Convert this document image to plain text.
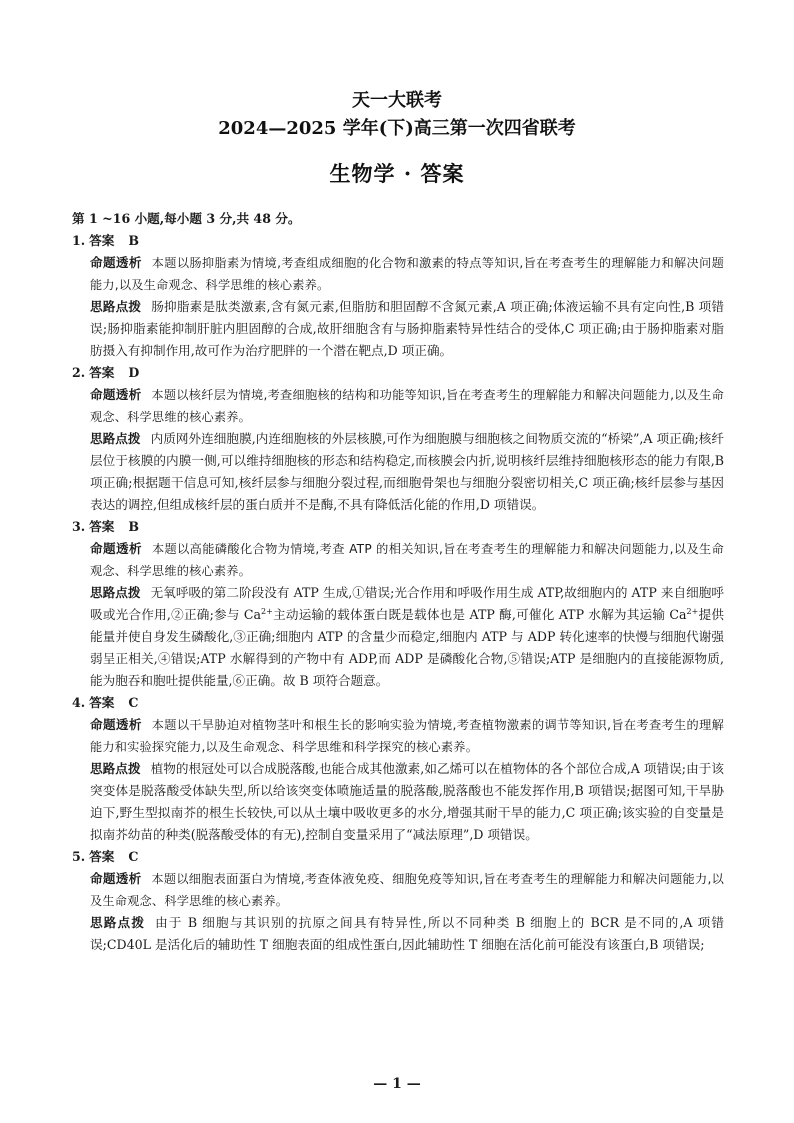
天一大联考
2024—2025 学年(下)高三第一次四省联考
生物学 · 答案
第 1 ~16 小题,每小题 3 分,共 48 分。
1. 答案 B

命题透析 本题以肠抑脂素为情境,考查组成细胞的化合物和激素的特点等知识,旨在考查考生的理解能力和解决问题能力,以及生命观念、科学思维的核心素养。

思路点拨 肠抑脂素是肽类激素,含有氮元素,但脂肪和胆固醇不含氮元素,A 项正确;体液运输不具有定向性,B 项错误;肠抑脂素能抑制肝脏内胆固醇的合成,故肝细胞含有与肠抑脂素特异性结合的受体,C 项正确;由于肠抑脂素对脂肪摄入有抑制作用,故可作为治疗肥胖的一个潜在靶点,D 项正确。

2. 答案 D

命题透析 本题以核纤层为情境,考查细胞核的结构和功能等知识,旨在考查考生的理解能力和解决问题能力,以及生命观念、科学思维的核心素养。

思路点拨 内质网外连细胞膜,内连细胞核的外层核膜,可作为细胞膜与细胞核之间物质交流的“桥梁”,A 项正确;核纤层位于核膜的内膜一侧,可以维持细胞核的形态和结构稳定,而核膜会内折,说明核纤层维持细胞核形态的能力有限,B 项正确;根据题干信息可知,核纤层参与细胞分裂过程,而细胞骨架也与细胞分裂密切相关,C 项正确;核纤层参与基因表达的调控,但组成核纤层的蛋白质并不是酶,不具有降低活化能的作用,D 项错误。

3. 答案 B

命题透析 本题以高能磷酸化合物为情境,考查 ATP 的相关知识,旨在考查考生的理解能力和解决问题能力,以及生命观念、科学思维的核心素养。

思路点拨 无氧呼吸的第二阶段没有 ATP 生成,①错误;光合作用和呼吸作用生成 ATP,故细胞内的 ATP 来自细胞呼吸或光合作用,②正确;参与 $Ca^{2+}$主动运输的载体蛋白既是载体也是 ATP 酶,可催化 ATP 水解为其运输 $Ca^{2+}$提供能量并使自身发生磷酸化,③正确;细胞内 ATP 的含量少而稳定,细胞内 ATP 与 ADP 转化速率的快慢与细胞代谢强弱呈正相关,④错误;ATP 水解得到的产物中有 ADP,而 ADP 是磷酸化合物,⑤错误;ATP 是细胞内的直接能源物质,能为胞吞和胞吐提供能量,⑥正确。故 B 项符合题意。

4. 答案 C

命题透析 本题以干旱胁迫对植物茎叶和根生长的影响实验为情境,考查植物激素的调节等知识,旨在考查考生的理解能力和实验探究能力,以及生命观念、科学思维和科学探究的核心素养。

思路点拨 植物的根冠处可以合成脱落酸,也能合成其他激素,如乙烯可以在植物体的各个部位合成,A 项错误;由于该突变体是脱落酸受体缺失型,所以给该突变体喷施适量的脱落酸,脱落酸也不能发挥作用,B 项错误;据图可知,干旱胁迫下,野生型拟南芥的根生长较快,可以从土壤中吸收更多的水分,增强其耐干旱的能力,C 项正确;该实验的自变量是拟南芥幼苗的种类(脱落酸受体的有无),控制自变量采用了“减法原理”,D 项错误。

5. 答案 C

命题透析 本题以细胞表面蛋白为情境,考查体液免疫、细胞免疫等知识,旨在考查考生的理解能力和解决问题能力,以及生命观念、科学思维的核心素养。

思路点拨 由于 B 细胞与其识别的抗原之间具有特异性,所以不同种类 B 细胞上的 BCR 是不同的,A 项错误;CD40L 是活化后的辅助性 T 细胞表面的组成性蛋白,因此辅助性 T 细胞在活化前可能没有该蛋白,B 项错误;

— 1 —
